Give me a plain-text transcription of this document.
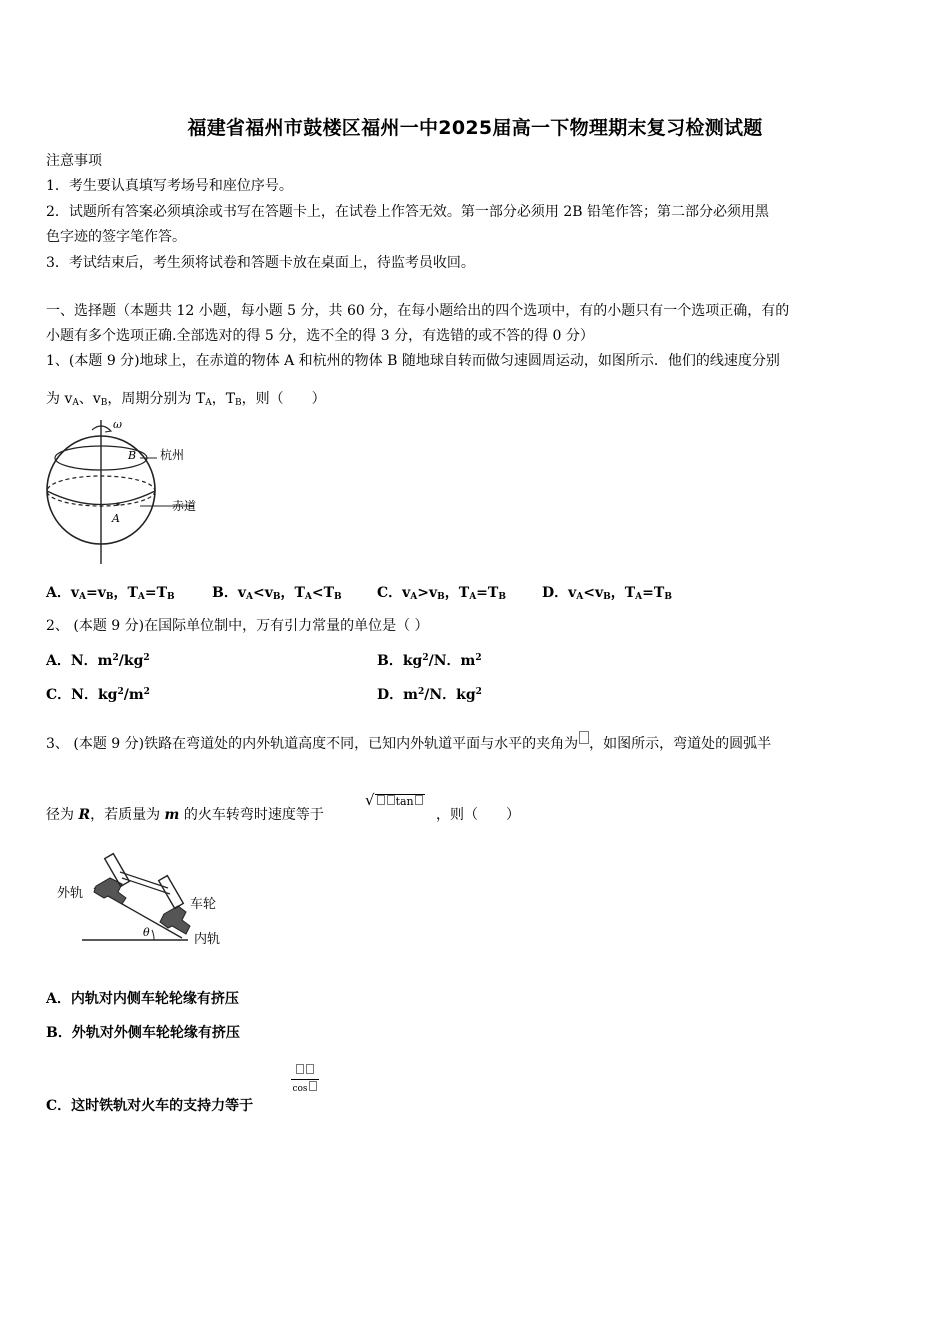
福建省福州市鼓楼区福州一中2025届高一下物理期末复习检测试题
注意事项
1．考生要认真填写考场号和座位序号。
2．试题所有答案必须填涂或书写在答题卡上，在试卷上作答无效。第一部分必须用 2B 铅笔作答；第二部分必须用黑
色字迹的签字笔作答。
3．考试结束后，考生须将试卷和答题卡放在桌面上，待监考员收回。
一、选择题（本题共 12 小题，每小题 5 分，共 60 分，在每小题给出的四个选项中，有的小题只有一个选项正确，有的
小题有多个选项正确.全部选对的得 5 分，选不全的得 3 分，有选错的或不答的得 0 分）
1、(本题 9 分)地球上，在赤道的物体 A 和杭州的物体 B 随地球自转而做匀速圆周运动，如图所示．他们的线速度分别
为 $v_A$、$v_B$，周期分别为 $T_A$，$T_B$，则（　　）
ω
B 杭州
A
赤道
A．$v_A=v_B$，$T_A=T_B$	B．$v_A<v_B$，$T_A<T_B$	C．$v_A>v_B$，$T_A=T_B$	D．$v_A<v_B$，$T_A=T_B$
2、 (本题 9 分)在国际单位制中，万有引力常量的单位是（ ）
A．N．$m^2/kg^2$	B．$kg^2/N$．$m^2$
C．N．$kg^2/m^2$	D．$m^2/N$．$kg^2$
3、 (本题 9 分)铁路在弯道处的内外轨道高度不同，已知内外轨道平面与水平的夹角为 ，如图所示，弯道处的圆弧半
径为 R，若质量为 m 的火车转弯时速度等于
√ tan
，则（　　）
外轨
车轮
θ	内轨
A．内轨对内侧车轮轮缘有挤压
B．外轨对外侧车轮轮缘有挤压
C．这时铁轨对火车的支持力等于
cos
